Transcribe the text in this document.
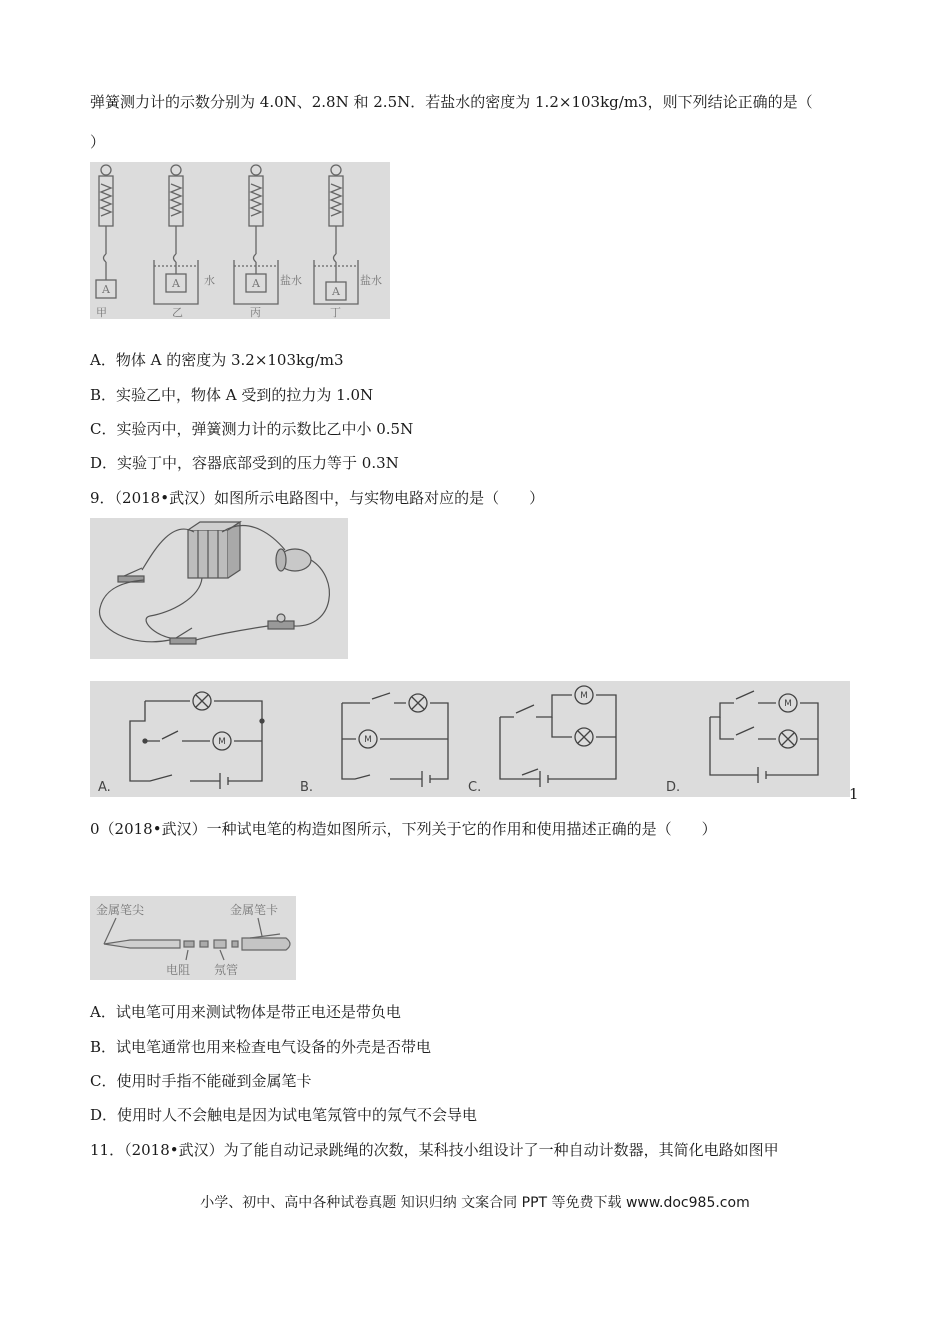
弹簧测力计的示数分别为 4.0N、2.8N 和 2.5N．若盐水的密度为 1.2×103kg/m3，则下列结论正确的是（
）
A	A	A
A
水	盐水	盐水
甲	乙	丙	丁
A．物体 A 的密度为 3.2×103kg/m3
B．实验乙中，物体 A 受到的拉力为 1.0N
C．实验丙中，弹簧测力计的示数比乙中小 0.5N
D．实验丁中，容器底部受到的压力等于 0.3N
9．（2018•武汉）如图所示电路图中，与实物电路对应的是（　　）
M	M
M
M
A.	B.	C.	D.	1
0（2018•武汉）一种试电笔的构造如图所示，下列关于它的作用和使用描述正确的是（　　）
金属笔尖	金属笔卡
电阻 氖管
A．试电笔可用来测试物体是带正电还是带负电
B．试电笔通常也用来检查电气设备的外壳是否带电
C．使用时手指不能碰到金属笔卡
D．使用时人不会触电是因为试电笔氖管中的氖气不会导电
11．（2018•武汉）为了能自动记录跳绳的次数，某科技小组设计了一种自动计数器，其简化电路如图甲
小学、初中、高中各种试卷真题 知识归纳 文案合同 PPT 等免费下载 www.doc985.com
